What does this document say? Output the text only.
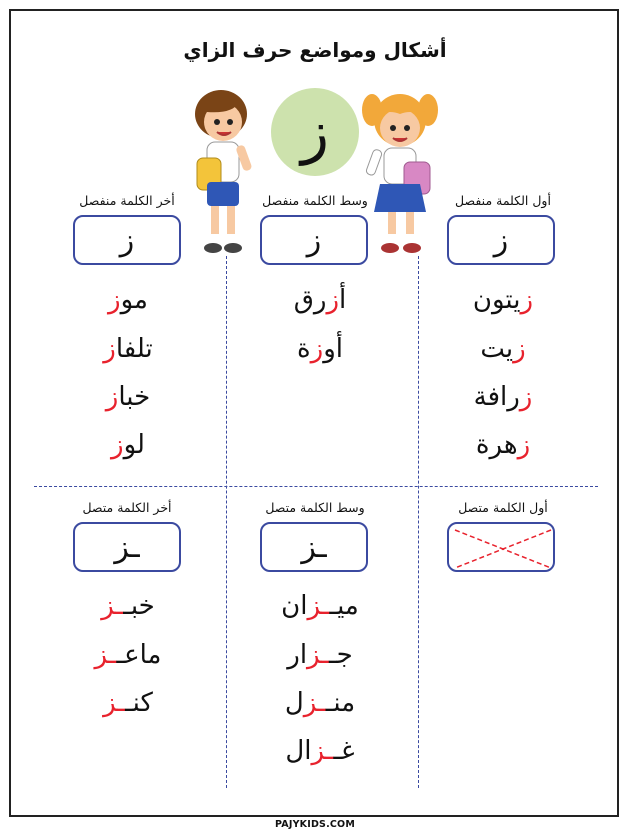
أشكال ومواضع حرف الزاي
ز
أخر الكلمة منفصل
ز
وسط الكلمة منفصل
ز
أول الكلمة منفصل
ز
موز
تلفاز
خباز
لوز
أزرق
أوزة
زيتون
زيت
زرافة
زهرة
أخر الكلمة متصل
ـز
وسط الكلمة متصل
ـز
أول الكلمة متصل
خبــز
ماعــز
كنــز
ميــزان
جــزار
منــزل
غــزال
PAJYKIDS.COM
